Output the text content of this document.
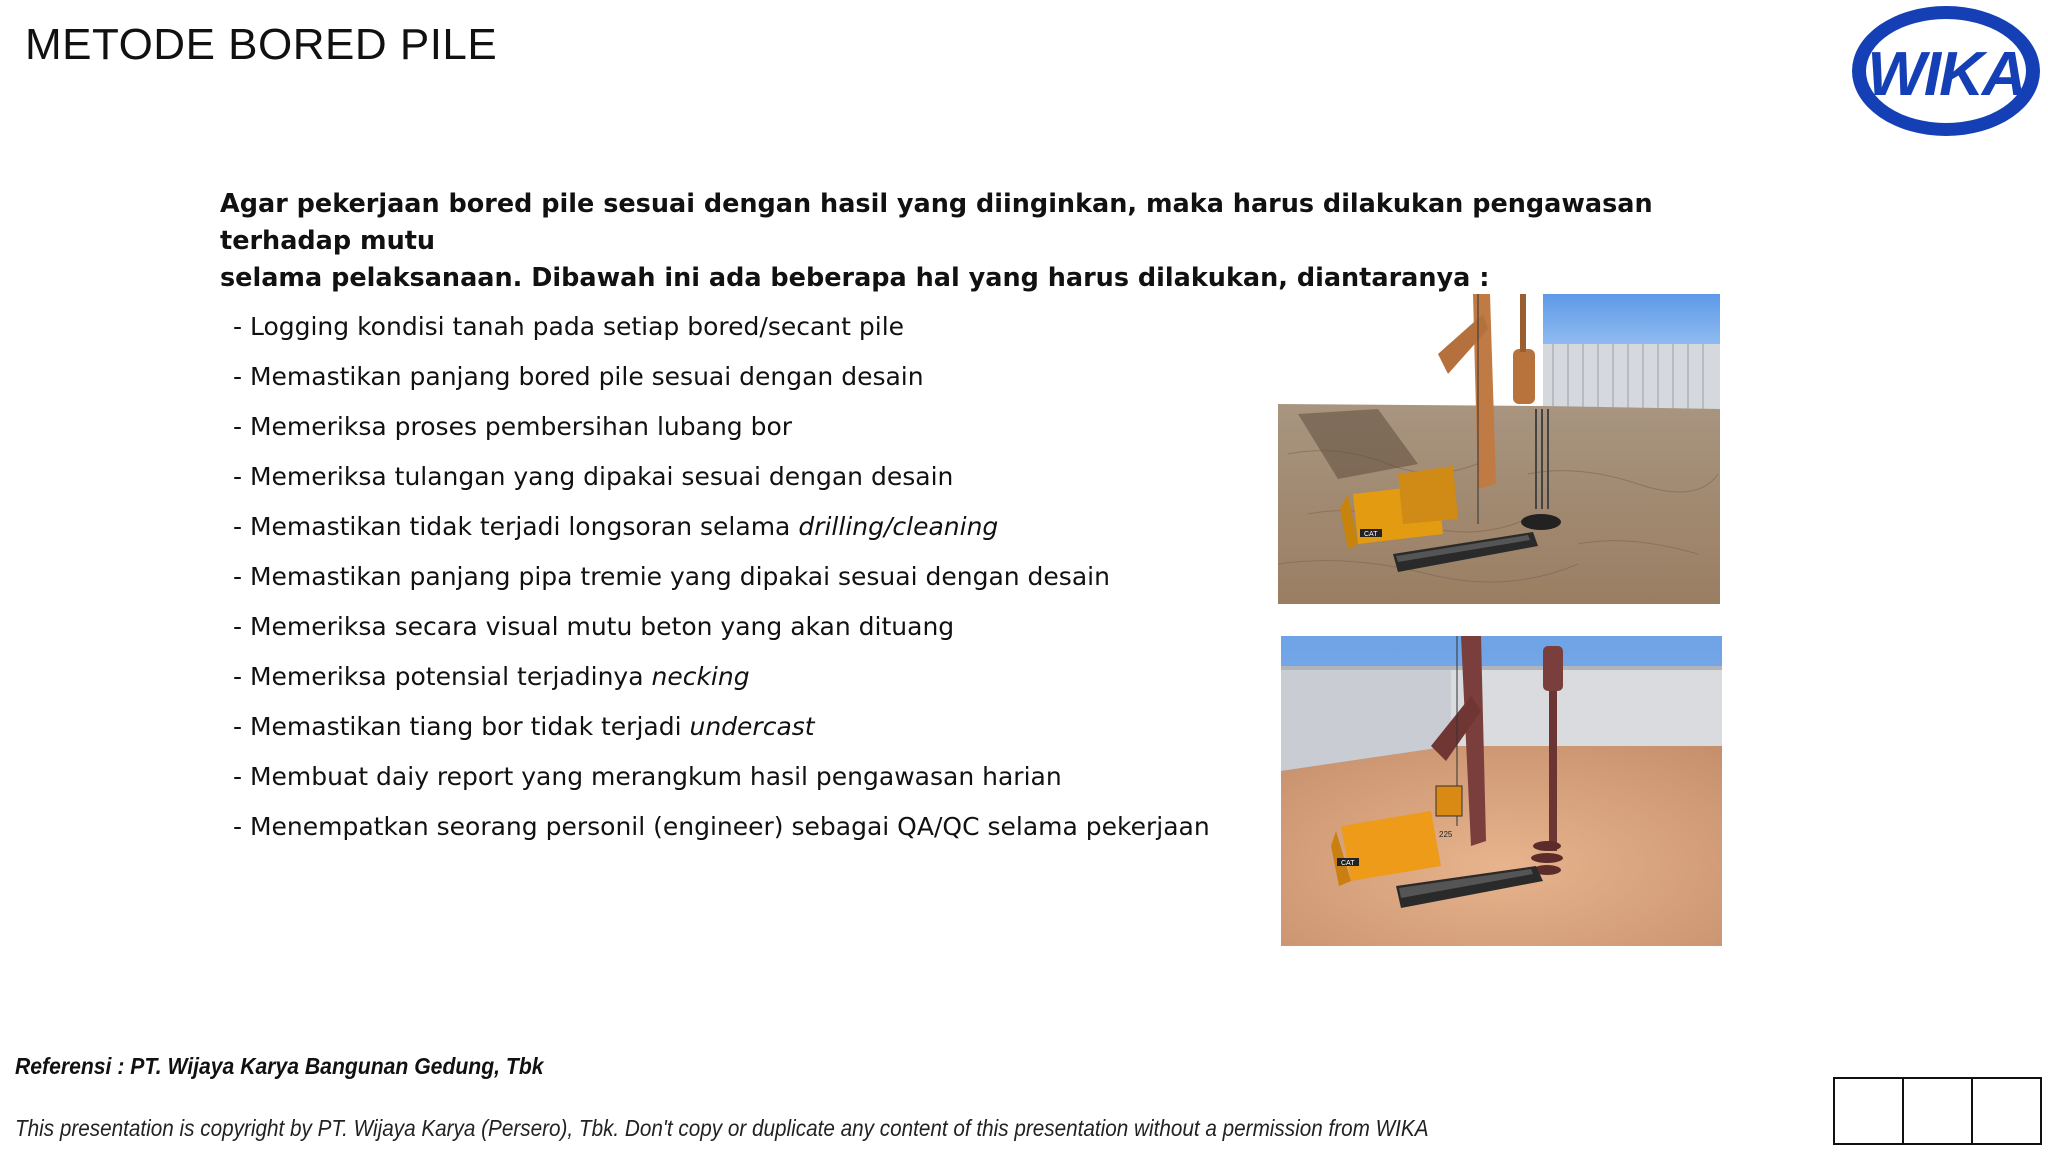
METODE BORED PILE	WIKA
Agar pekerjaan bored pile sesuai dengan hasil yang diinginkan, maka harus dilakukan pengawasan terhadap mutu
selama pelaksanaan. Dibawah ini ada beberapa hal yang harus dilakukan, diantaranya :
- Logging kondisi tanah pada setiap bored/secant pile
- Memastikan panjang bored pile sesuai dengan desain
- Memeriksa proses pembersihan lubang bor
- Memeriksa tulangan yang dipakai sesuai dengan desain
- Memastikan tidak terjadi longsoran selama drilling/cleaning
- Memastikan panjang pipa tremie yang dipakai sesuai dengan desain
- Memeriksa secara visual mutu beton yang akan dituang
- Memeriksa potensial terjadinya necking
- Memastikan tiang bor tidak terjadi undercast
- Membuat daiy report yang merangkum hasil pengawasan harian
- Menempatkan seorang personil (engineer) sebagai QA/QC selama pekerjaan
CAT
CAT
225
Referensi : PT. Wijaya Karya Bangunan Gedung, Tbk
This presentation is copyright by PT. Wijaya Karya (Persero), Tbk. Don't copy or duplicate any content of this presentation without a permission from WIKA
